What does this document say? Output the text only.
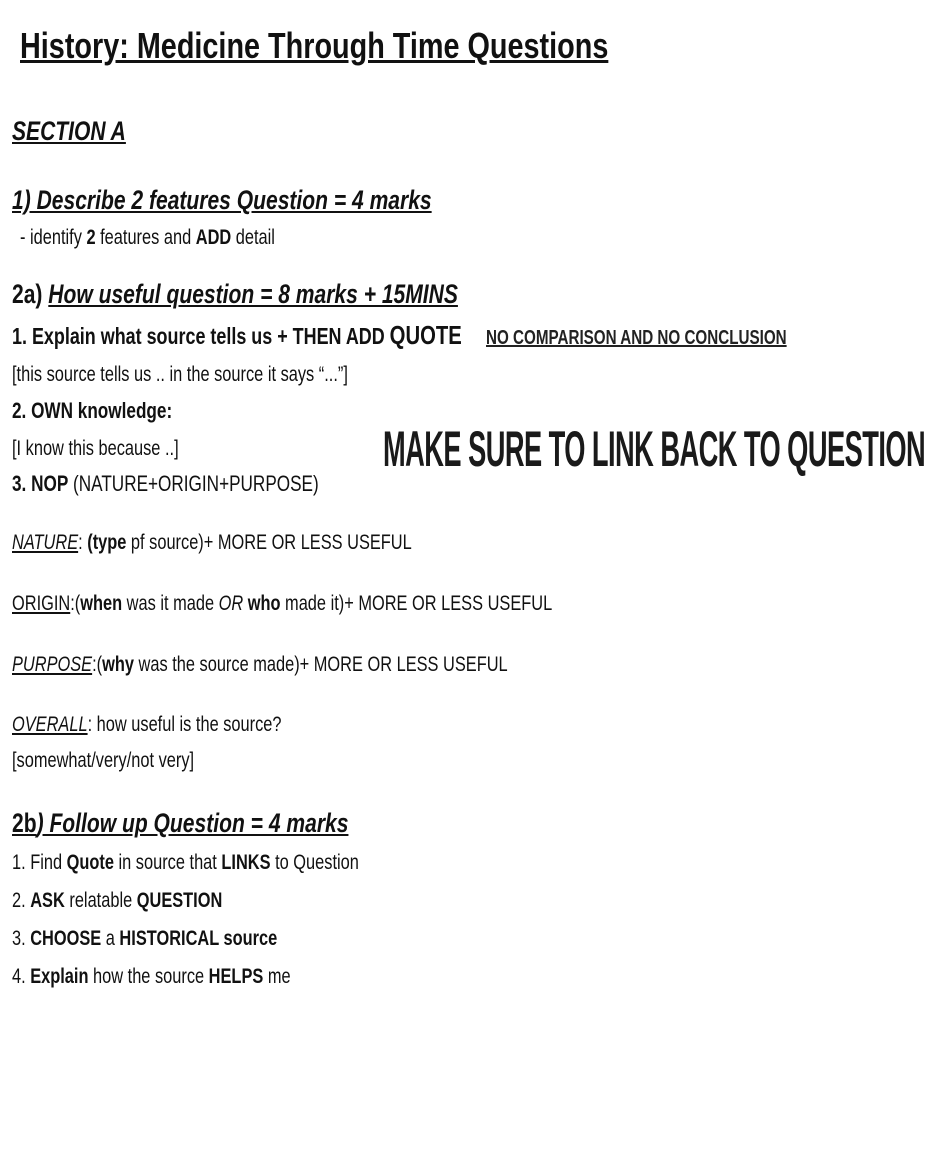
History: Medicine Through Time Questions
SECTION A
1) Describe 2 features Question = 4 marks
- identify 2 features and ADD detail
2a) How useful question = 8 marks + 15MINS
1. Explain what source tells us + THEN ADD QUOTE NO COMPARISON AND NO CONCLUSION
[this source tells us .. in the source it says “...”]
2. OWN knowledge:
[I know this because ..]	MAKE SURE TO LINK BACK TO QUESTION
3. NOP (NATURE+ORIGIN+PURPOSE)
NATURE: (type pf source)+ MORE OR LESS USEFUL
ORIGIN:(when was it made OR who made it)+ MORE OR LESS USEFUL
PURPOSE:(why was the source made)+ MORE OR LESS USEFUL
OVERALL: how useful is the source?
[somewhat/very/not very]
2b) Follow up Question = 4 marks
1. Find Quote in source that LINKS to Question
2. ASK relatable QUESTION
3. CHOOSE a HISTORICAL source
4. Explain how the source HELPS me
